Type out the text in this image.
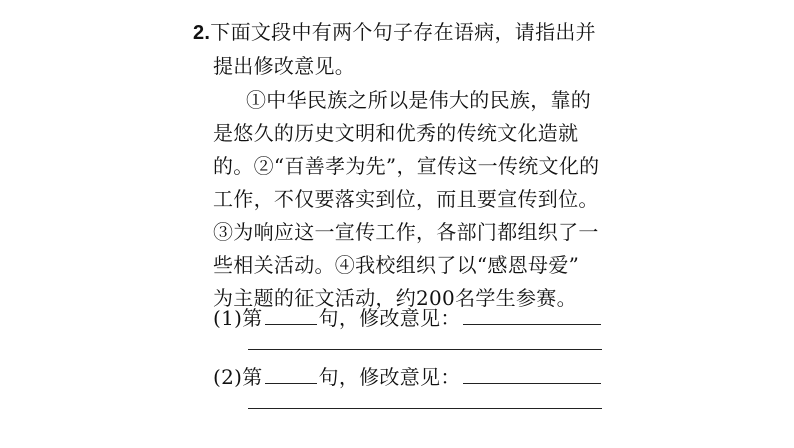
2.下面文段中有两个句子存在语病，请指出并
提出修改意见。
①中华民族之所以是伟大的民族，靠的
是悠久的历史文明和优秀的传统文化造就
的。②“百善孝为先”，宣传这一传统文化的
工作，不仅要落实到位，而且要宣传到位。
③为响应这一宣传工作，各部门都组织了一
些相关活动。④我校组织了以“感恩母爱”
为主题的征文活动，约200名学生参赛。
(1)第	句，修改意见：
(2)第	句，修改意见：
